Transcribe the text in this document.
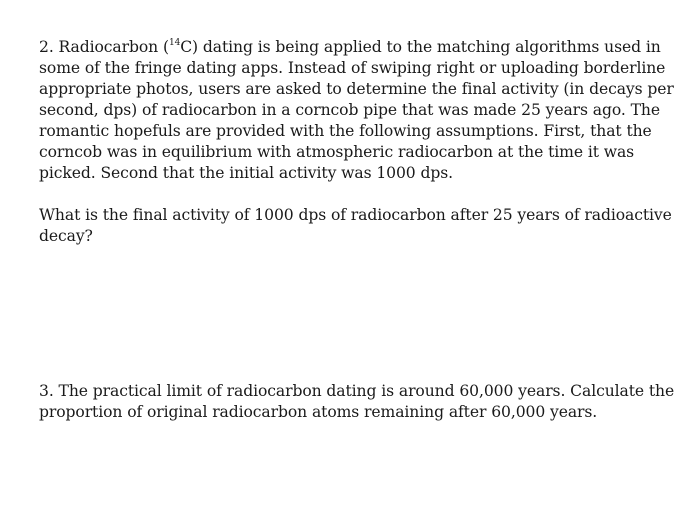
2. Radiocarbon ($^{14}$C) dating is being applied to the matching algorithms used in some of the fringe dating apps. Instead of swiping right or uploading borderline appropriate photos, users are asked to determine the final activity (in decays per second, dps) of radiocarbon in a corncob pipe that was made 25 years ago. The romantic hopefuls are provided with the following assumptions. First, that the corncob was in equilibrium with atmospheric radiocarbon at the time it was picked. Second that the initial activity was 1000 dps.

What is the final activity of 1000 dps of radiocarbon after 25 years of radioactive decay?

3. The practical limit of radiocarbon dating is around 60,000 years. Calculate the proportion of original radiocarbon atoms remaining after 60,000 years.
